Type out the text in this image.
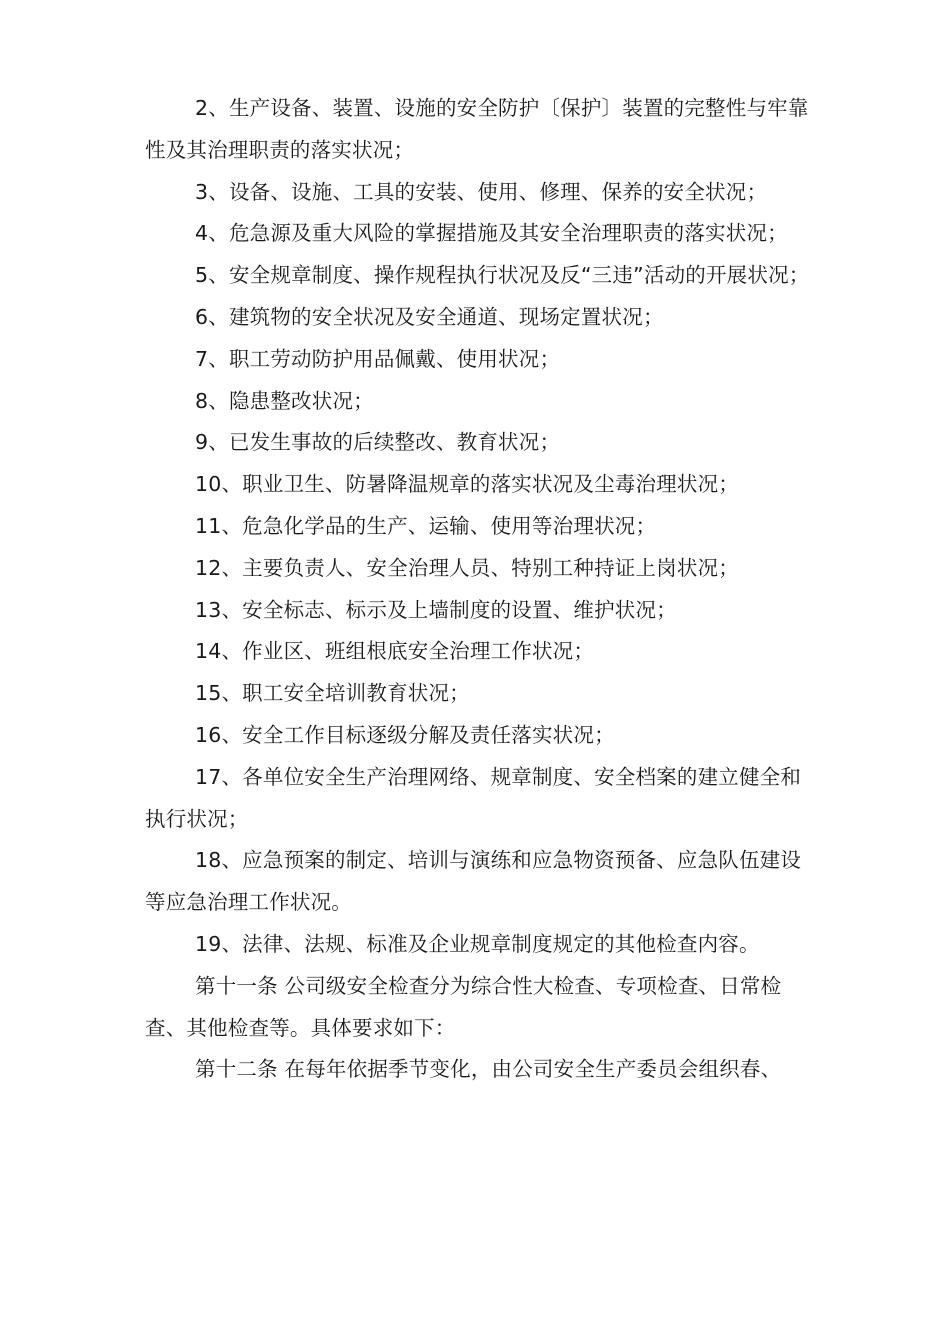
2、生产设备、装置、设施的安全防护〔保护〕装置的完整性与牢靠性及其治理职责的落实状况；

3、设备、设施、工具的安装、使用、修理、保养的安全状况；

4、危急源及重大风险的掌握措施及其安全治理职责的落实状况；

5、安全规章制度、操作规程执行状况及反“三违”活动的开展状况；

6、建筑物的安全状况及安全通道、现场定置状况；

7、职工劳动防护用品佩戴、使用状况；

8、隐患整改状况；

9、已发生事故的后续整改、教育状况；

10、职业卫生、防暑降温规章的落实状况及尘毒治理状况；

11、危急化学品的生产、运输、使用等治理状况；

12、主要负责人、安全治理人员、特别工种持证上岗状况；

13、安全标志、标示及上墙制度的设置、维护状况；

14、作业区、班组根底安全治理工作状况；

15、职工安全培训教育状况；

16、安全工作目标逐级分解及责任落实状况；

17、各单位安全生产治理网络、规章制度、安全档案的建立健全和执行状况；

18、应急预案的制定、培训与演练和应急物资预备、应急队伍建设等应急治理工作状况。

19、法律、法规、标准及企业规章制度规定的其他检查内容。

第十一条 公司级安全检查分为综合性大检查、专项检查、日常检查、其他检查等。具体要求如下：

第十二条 在每年依据季节变化，由公司安全生产委员会组织春、
